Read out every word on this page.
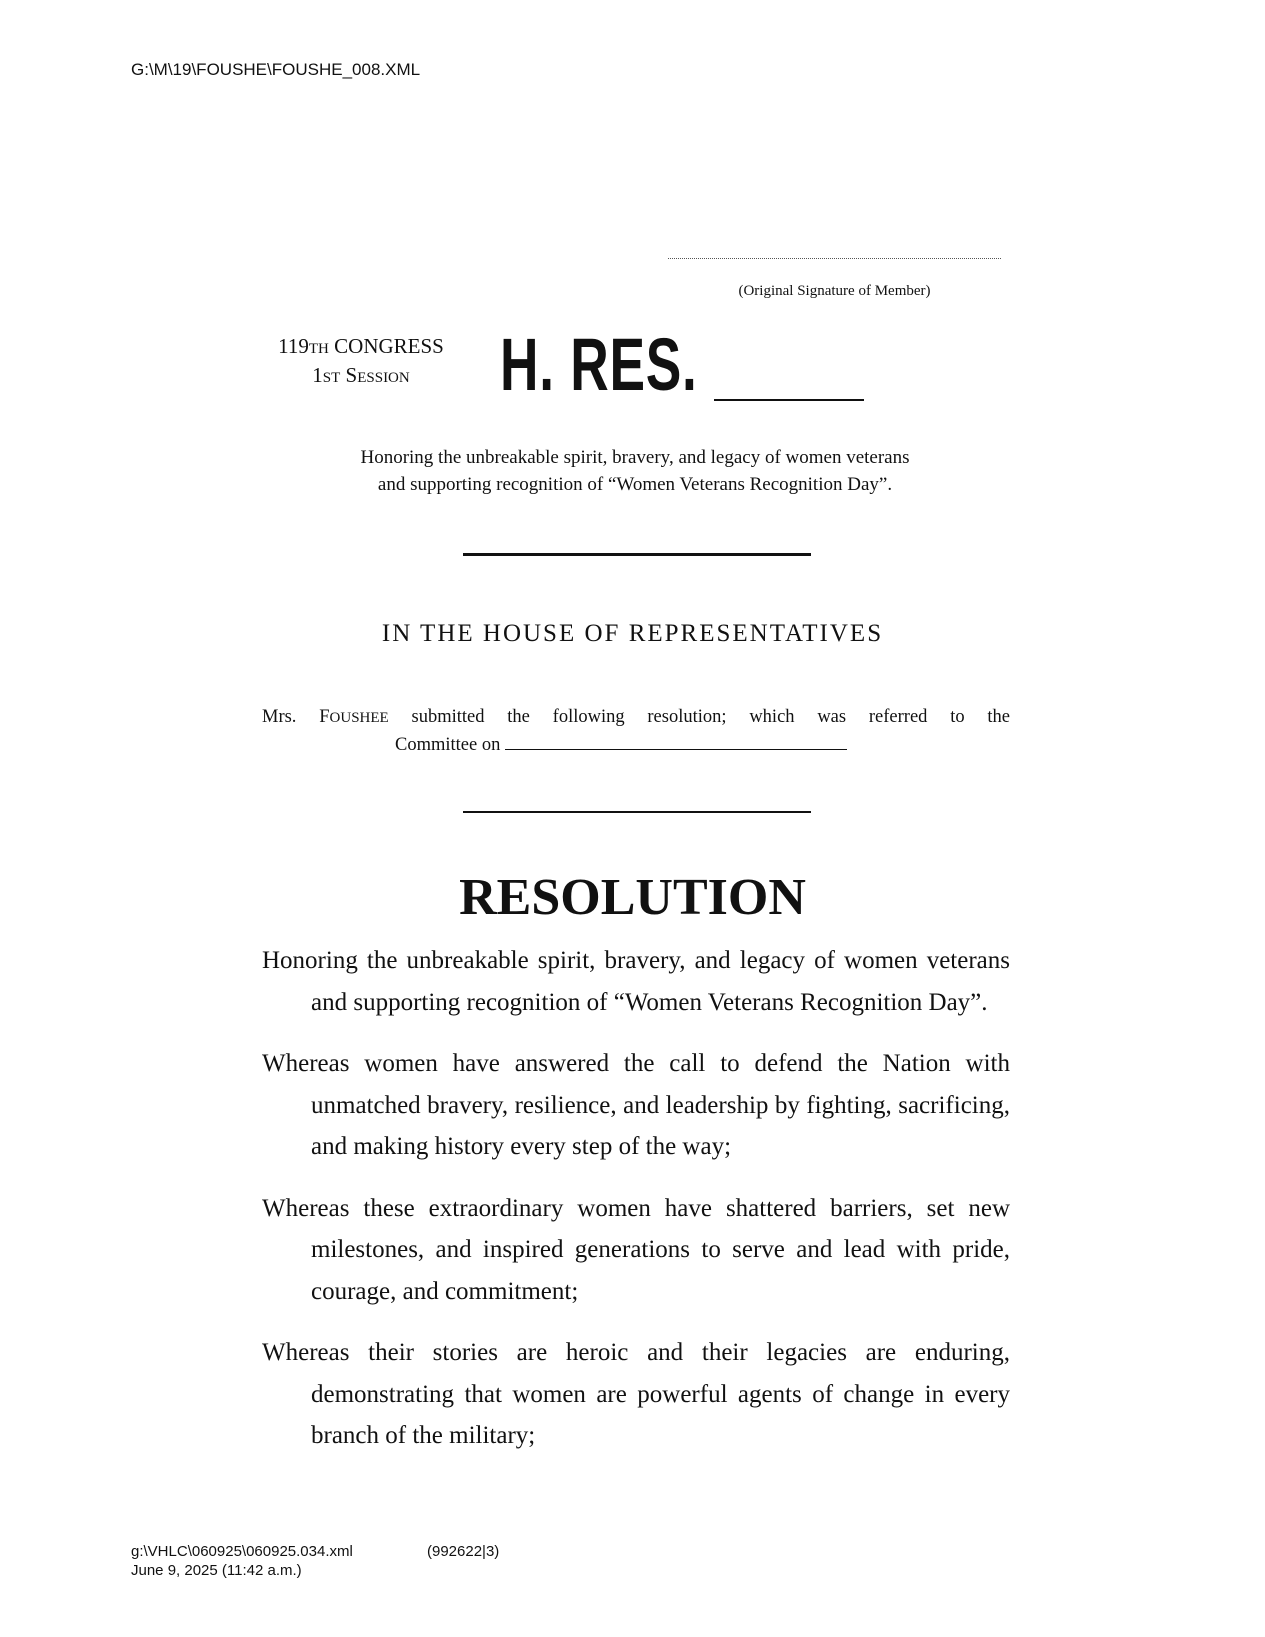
G:\M\19\FOUSHE\FOUSHE_008.XML
(Original Signature of Member)
119TH CONGRESS
1ST SESSION	H. RES.
Honoring the unbreakable spirit, bravery, and legacy of women veterans
and supporting recognition of “Women Veterans Recognition Day”.
IN THE HOUSE OF REPRESENTATIVES
Mrs. FOUSHEE submitted the following resolution; which was referred to the
Committee on
RESOLUTION

Honoring the unbreakable spirit, bravery, and legacy of women veterans and supporting recognition of “Women Veterans Recognition Day”.

Whereas women have answered the call to defend the Nation with unmatched bravery, resilience, and leadership by fighting, sacrificing, and making history every step of the way;

Whereas these extraordinary women have shattered barriers, set new milestones, and inspired generations to serve and lead with pride, courage, and commitment;

Whereas their stories are heroic and their legacies are enduring, demonstrating that women are powerful agents of change in every branch of the military;

g:\VHLC\060925\060925.034.xml	(992622|3)
June 9, 2025 (11:42 a.m.)
